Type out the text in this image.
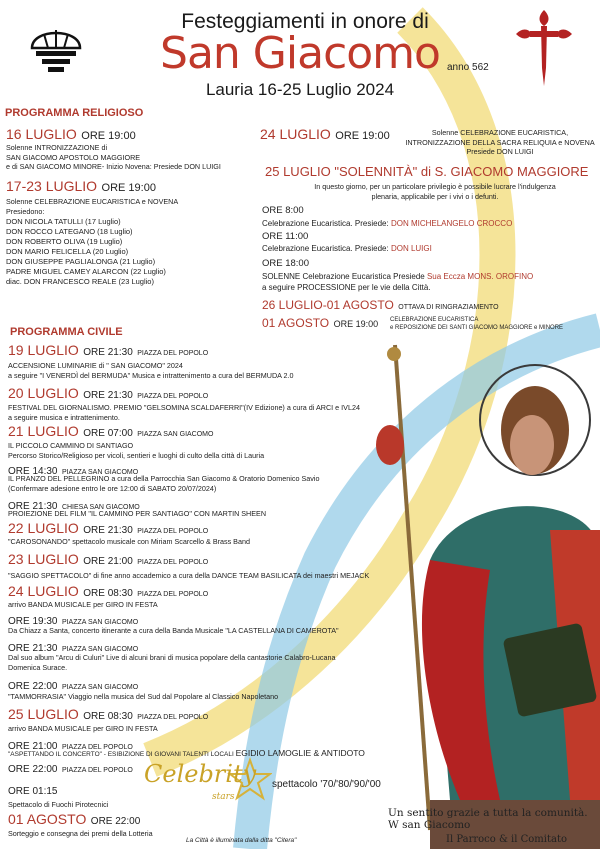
Festeggiamenti in onore di
San Giacomo anno 562
Lauria 16-25 Luglio 2024
PROGRAMMA RELIGIOSO
16 LUGLIO ORE 19:00
Solenne INTRONIZZAZIONE di
SAN GIACOMO APOSTOLO MAGGIORE
e di SAN GIACOMO MINORE- Inizio Novena: Presiede DON LUIGI
17-23 LUGLIO ORE 19:00
Solenne CELEBRAZIONE EUCARISTICA e NOVENA
Presiedono:
DON NICOLA TATULLI (17 Luglio)
DON ROCCO LATEGANO (18 Luglio)
DON ROBERTO OLIVA (19 Luglio)
DON MARIO FELICELLA (20 Luglio)
DON GIUSEPPE PAGLIALONGA (21 Luglio)
PADRE MIGUEL CAMEY ALARCON (22 Luglio)
diac. DON FRANCESCO REALE (23 Luglio)
24 LUGLIO ORE 19:00	Solenne CELEBRAZIONE EUCARISTICA,
INTRONIZZAZIONE DELLA SACRA RELIQUIA e NOVENA
Presiede DON LUIGI
25 LUGLIO "SOLENNITÀ" di S. GIACOMO MAGGIORE
In questo giorno, per un particolare privilegio è possibile lucrare l'indulgenza
plenaria, applicabile per i vivi o i defunti.
ORE 8:00
Celebrazione Eucaristica. Presiede: DON MICHELANGELO CROCCO
ORE 11:00
Celebrazione Eucaristica. Presiede: DON LUIGI
ORE 18:00
SOLENNE Celebrazione Eucaristica Presiede Sua Eccza MONS. OROFINO
a seguire PROCESSIONE per le vie della Città.
26 LUGLIO-01 AGOSTO OTTAVA DI RINGRAZIAMENTO
01 AGOSTO ORE 19:00 CELEBRAZIONE EUCARISTICA
e REPOSIZIONE DEI SANTI GIACOMO MAGGIORE e MINORE
PROGRAMMA CIVILE
19 LUGLIO ORE 21:30 PIAZZA DEL POPOLO
ACCENSIONE LUMINARIE di " SAN GIACOMO" 2024
a seguire "I VENERDÌ del BERMUDA" Musica e intrattenimento a cura del BERMUDA 2.0
20 LUGLIO ORE 21:30 PIAZZA DEL POPOLO
FESTIVAL DEL GIORNALISMO. PREMIO "GELSOMINA SCALDAFERRI"(IV Edizione) a cura di ARCI e IVL24
a seguire musica e intrattenimento.
21 LUGLIO ORE 07:00 PIAZZA SAN GIACOMO
IL PICCOLO CAMMINO DI SANTIAGO
Percorso Storico/Religioso per vicoli, sentieri e luoghi di culto della città di Lauria
ORE 14:30 PIAZZA SAN GIACOMO
IL PRANZO DEL PELLEGRINO a cura della Parrocchia San Giacomo & Oratorio Domenico Savio
(Confermare adesione entro le ore 12:00 di SABATO 20/07/2024)
ORE 21:30 CHIESA SAN GIACOMO
PROIEZIONE DEL FILM "IL CAMMINO PER SANTIAGO" CON MARTIN SHEEN
22 LUGLIO ORE 21:30 PIAZZA DEL POPOLO
"CAROSONANDO" spettacolo musicale con Miriam Scarcello & Brass Band
23 LUGLIO ORE 21:00 PIAZZA DEL POPOLO
"SAGGIO SPETTACOLO" di fine anno accademico a cura della DANCE TEAM BASILICATA dei maestri MEJACK
24 LUGLIO ORE 08:30 PIAZZA DEL POPOLO
arrivo BANDA MUSICALE per GIRO IN FESTA
ORE 19:30 PIAZZA SAN GIACOMO
Da Chiazz a Santa, concerto itinerante a cura della Banda Musicale "LA CASTELLANA DI CAMEROTA"
ORE 21:30 PIAZZA SAN GIACOMO
Dal suo album "Arcu di Culuri" Live di alcuni brani di musica popolare della cantastorie Calabro-Lucana
Domenica Surace.
ORE 22:00 PIAZZA SAN GIACOMO
"TAMMORRASIA" Viaggio nella musica del Sud dal Popolare al Classico Napoletano
25 LUGLIO ORE 08:30 PIAZZA DEL POPOLO
arrivo BANDA MUSICALE per GIRO IN FESTA
ORE 21:00 PIAZZA DEL POPOLO
"ASPETTANDO IL CONCERTO" - ESIBIZIONE DI GIOVANI TALENTI LOCALI EGIDIO LAMOGLIE & ANTIDOTO
ORE 22:00 PIAZZA DEL POPOLO Celebrity
stars
spettacolo '70/'80/'90/'00
ORE 01:15
Spettacolo di Fuochi Pirotecnici
01 AGOSTO ORE 22:00
Sorteggio e consegna dei premi della Lotteria
La Città è illuminata dalla ditta "Citera"
Un sentito grazie a tutta la comunità.
W san Giacomo
Il Parroco & il Comitato
